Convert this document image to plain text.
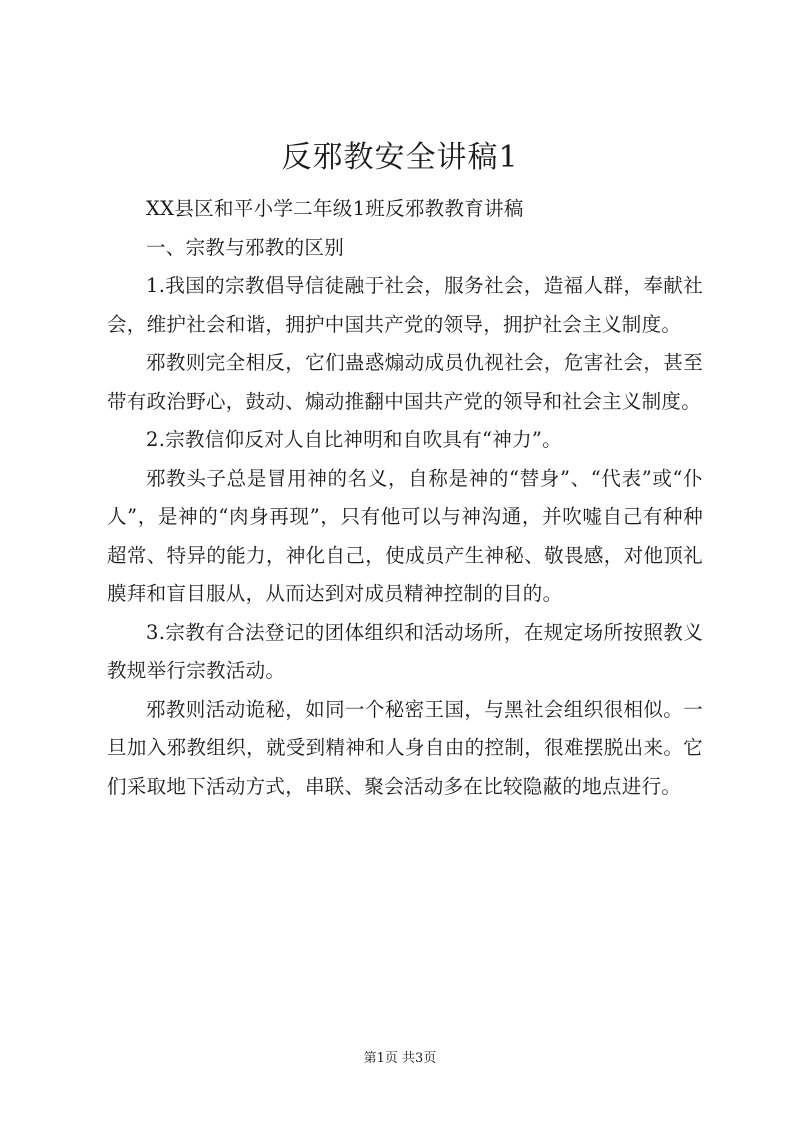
反邪教安全讲稿1

XX县区和平小学二年级1班反邪教教育讲稿

一、宗教与邪教的区别

1.我国的宗教倡导信徒融于社会，服务社会，造福人群，奉献社会，维护社会和谐，拥护中国共产党的领导，拥护社会主义制度。

邪教则完全相反，它们蛊惑煽动成员仇视社会，危害社会，甚至带有政治野心，鼓动、煽动推翻中国共产党的领导和社会主义制度。

2.宗教信仰反对人自比神明和自吹具有“神力”。

邪教头子总是冒用神的名义，自称是神的“替身”、“代表”或“仆人”，是神的“肉身再现”，只有他可以与神沟通，并吹嘘自己有种种超常、特异的能力，神化自己，使成员产生神秘、敬畏感，对他顶礼膜拜和盲目服从，从而达到对成员精神控制的目的。

3.宗教有合法登记的团体组织和活动场所，在规定场所按照教义教规举行宗教活动。

邪教则活动诡秘，如同一个秘密王国，与黑社会组织很相似。一旦加入邪教组织，就受到精神和人身自由的控制，很难摆脱出来。它们采取地下活动方式，串联、聚会活动多在比较隐蔽的地点进行。

第1页 共3页
